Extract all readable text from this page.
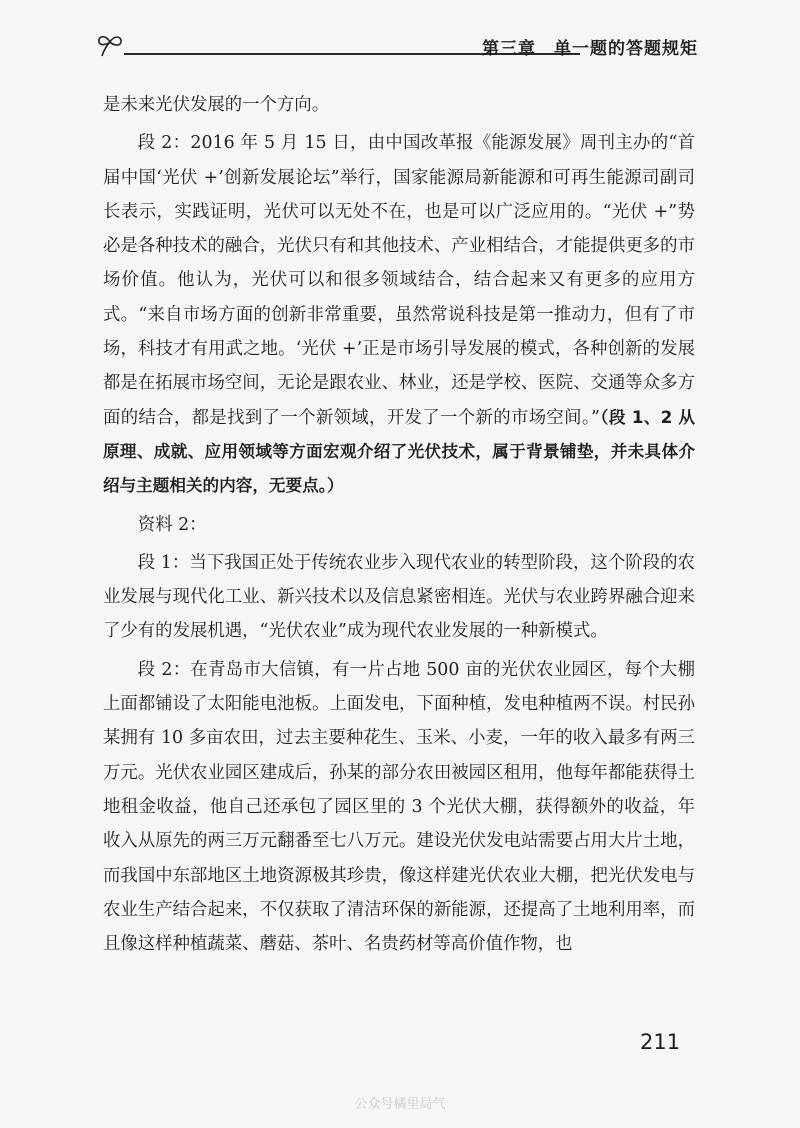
第三章 单一题的答题规矩

是未来光伏发展的一个方向。

段 2：2016 年 5 月 15 日，由中国改革报《能源发展》周刊主办的“首届中国‘光伏 +’创新发展论坛”举行，国家能源局新能源和可再生能源司副司长表示，实践证明，光伏可以无处不在，也是可以广泛应用的。“光伏 +”势必是各种技术的融合，光伏只有和其他技术、产业相结合，才能提供更多的市场价值。他认为，光伏可以和很多领域结合，结合起来又有更多的应用方式。“来自市场方面的创新非常重要，虽然常说科技是第一推动力，但有了市场，科技才有用武之地。‘光伏 +’正是市场引导发展的模式，各种创新的发展都是在拓展市场空间，无论是跟农业、林业，还是学校、医院、交通等众多方面的结合，都是找到了一个新领域，开发了一个新的市场空间。”（段 1、2 从原理、成就、应用领域等方面宏观介绍了光伏技术，属于背景铺垫，并未具体介绍与主题相关的内容，无要点。）

资料 2：

段 1：当下我国正处于传统农业步入现代农业的转型阶段，这个阶段的农业发展与现代化工业、新兴技术以及信息紧密相连。光伏与农业跨界融合迎来了少有的发展机遇，“光伏农业”成为现代农业发展的一种新模式。

段 2：在青岛市大信镇，有一片占地 500 亩的光伏农业园区，每个大棚上面都铺设了太阳能电池板。上面发电，下面种植，发电种植两不误。村民孙某拥有 10 多亩农田，过去主要种花生、玉米、小麦，一年的收入最多有两三万元。光伏农业园区建成后，孙某的部分农田被园区租用，他每年都能获得土地租金收益，他自己还承包了园区里的 3 个光伏大棚，获得额外的收益，年收入从原先的两三万元翻番至七八万元。建设光伏发电站需要占用大片土地，而我国中东部地区土地资源极其珍贵，像这样建光伏农业大棚，把光伏发电与农业生产结合起来，不仅获取了清洁环保的新能源，还提高了土地利用率，而且像这样种植蔬菜、蘑菇、茶叶、名贵药材等高价值作物，也

211
公众号橘里局气
